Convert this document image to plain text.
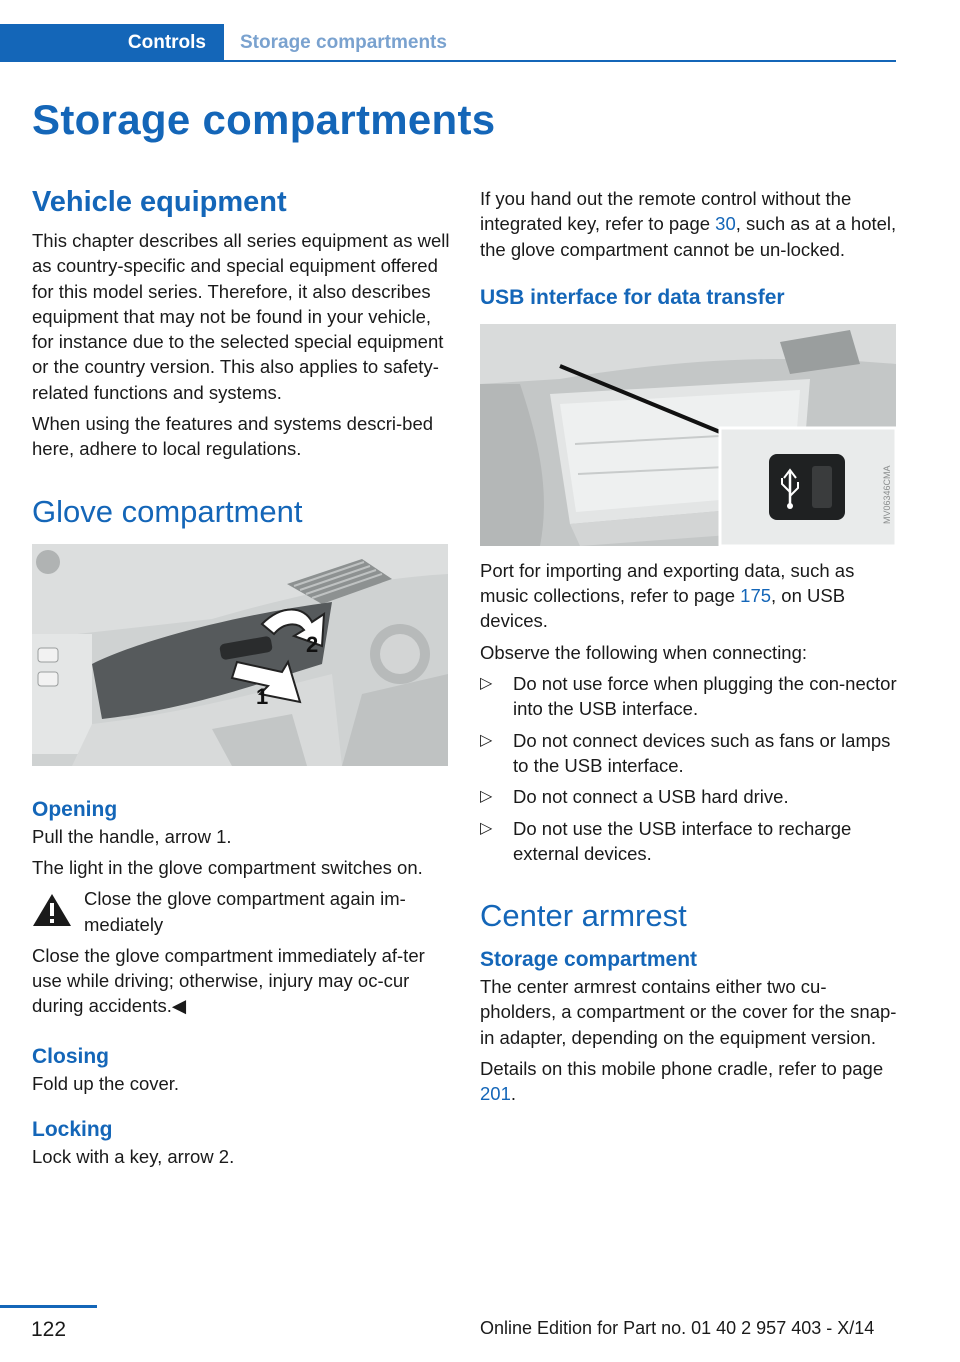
Controls	Storage compartments
Storage compartments
Vehicle equipment
This chapter describes all series equipment as well as country-specific and special equipment offered for this model series. Therefore, it also describes equipment that may not be found in your vehicle, for instance due to the selected special equipment or the country version. This also applies to safety-related functions and systems.
When using the features and systems descri‐bed here, adhere to local regulations.
Glove compartment
2
1
Opening
Pull the handle, arrow 1.
The light in the glove compartment switches on.
Close the glove compartment again im‐mediately
Close the glove compartment immediately af‐ter use while driving; otherwise, injury may oc‐cur during accidents.◀
Closing
Fold up the cover.
Locking
Lock with a key, arrow 2.
If you hand out the remote control without the integrated key, refer to page 30, such as at a hotel, the glove compartment cannot be un‐locked.
USB interface for data transfer
MV06346CMA
Port for importing and exporting data, such as music collections, refer to page 175, on USB devices.
Observe the following when connecting:
▷ Do not use force when plugging the con‐nector into the USB interface.
▷ Do not connect devices such as fans or lamps to the USB interface.
▷ Do not connect a USB hard drive.
▷ Do not use the USB interface to recharge external devices.
Center armrest
Storage compartment
The center armrest contains either two cu‐pholders, a compartment or the cover for the snap-in adapter, depending on the equipment version.
Details on this mobile phone cradle, refer to page 201.
122	Online Edition for Part no. 01 40 2 957 403 - X/14
